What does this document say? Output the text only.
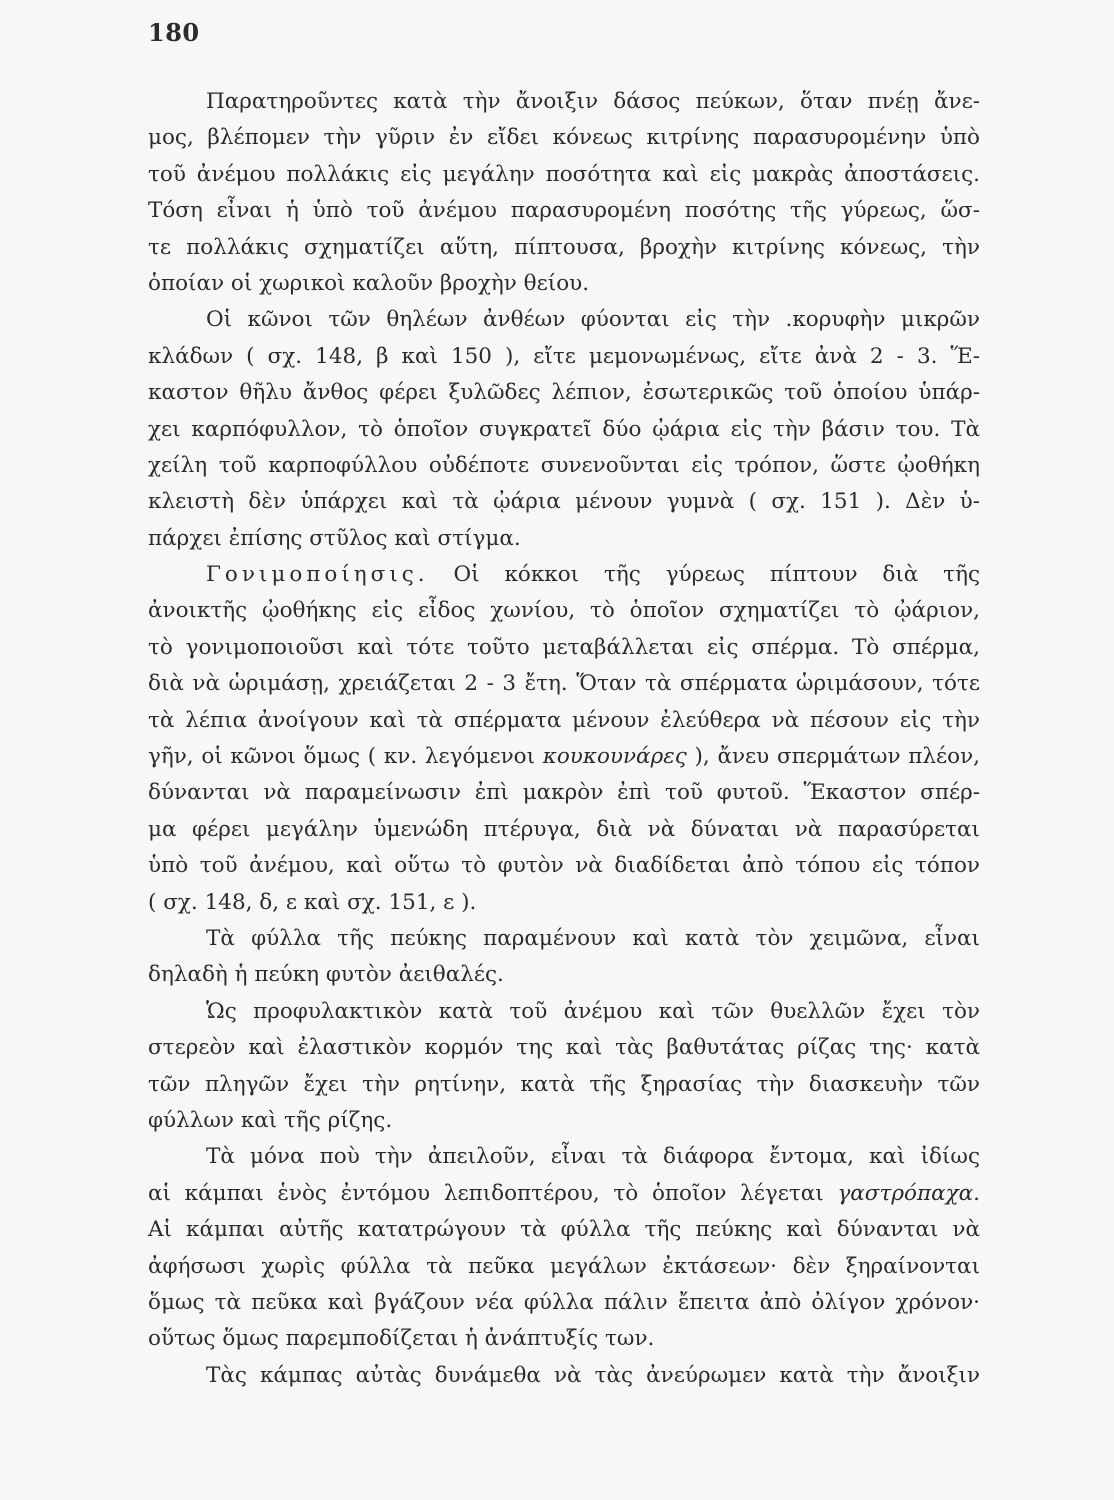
180
Παρατηροῦντες κατὰ τὴν ἄνοιξιν δάσος πεύκων, ὅταν πνέῃ ἄνε-
μος, βλέπομεν τὴν γῦριν ἐν εἴδει κόνεως κιτρίνης παρασυρομένην ὑπὸ
τοῦ ἀνέμου πολλάκις εἰς μεγάλην ποσότητα καὶ εἰς μακρὰς ἀποστάσεις.
Τόση εἶναι ἡ ὑπὸ τοῦ ἀνέμου παρασυρομένη ποσότης τῆς γύρεως, ὥσ-
τε πολλάκις σχηματίζει αὕτη, πίπτουσα, βροχὴν κιτρίνης κόνεως, τὴν
ὁποίαν οἱ χωρικοὶ καλοῦν βροχὴν θείου.
Οἱ κῶνοι τῶν θηλέων ἀνθέων φύονται εἰς τὴν .κορυφὴν μικρῶν
κλάδων ( σχ. 148, β καὶ 150 ), εἴτε μεμονωμένως, εἴτε ἀνὰ 2 - 3. Ἕ-
καστον θῆλυ ἄνθος φέρει ξυλῶδες λέπιον, ἐσωτερικῶς τοῦ ὁποίου ὑπάρ-
χει καρπόφυλλον, τὸ ὁποῖον συγκρατεῖ δύο ᾠάρια εἰς τὴν βάσιν του. Τὰ
χείλη τοῦ καρποφύλλου οὐδέποτε συνενοῦνται εἰς τρόπον, ὥστε ᾠοθήκη
κλειστὴ δὲν ὑπάρχει καὶ τὰ ᾠάρια μένουν γυμνὰ ( σχ. 151 ). Δὲν ὑ-
πάρχει ἐπίσης στῦλος καὶ στίγμα.
Γονιμοποίησις. Οἱ κόκκοι τῆς γύρεως πίπτουν διὰ τῆς
ἀνοικτῆς ᾠοθήκης εἰς εἶδος χωνίου, τὸ ὁποῖον σχηματίζει τὸ ᾠάριον,
τὸ γονιμοποιοῦσι καὶ τότε τοῦτο μεταβάλλεται εἰς σπέρμα. Τὸ σπέρμα,
διὰ νὰ ὡριμάσῃ, χρειάζεται 2 - 3 ἔτη. Ὅταν τὰ σπέρματα ὡριμάσουν, τότε
τὰ λέπια ἀνοίγουν καὶ τὰ σπέρματα μένουν ἐλεύθερα νὰ πέσουν εἰς τὴν
γῆν, οἱ κῶνοι ὅμως ( κν. λεγόμενοι κουκουνάρες ), ἄνευ σπερμάτων πλέον,
δύνανται νὰ παραμείνωσιν ἐπὶ μακρὸν ἐπὶ τοῦ φυτοῦ. Ἕκαστον σπέρ-
μα φέρει μεγάλην ὑμενώδη πτέρυγα, διὰ νὰ δύναται νὰ παρασύρεται
ὑπὸ τοῦ ἀνέμου, καὶ οὕτω τὸ φυτὸν νὰ διαδίδεται ἀπὸ τόπου εἰς τόπον
( σχ. 148, δ, ε καὶ σχ. 151, ε ).
Τὰ φύλλα τῆς πεύκης παραμένουν καὶ κατὰ τὸν χειμῶνα, εἶναι
δηλαδὴ ἡ πεύκη φυτὸν ἀειθαλές.
Ὡς προφυλακτικὸν κατὰ τοῦ ἀνέμου καὶ τῶν θυελλῶν ἔχει τὸν
στερεὸν καὶ ἐλαστικὸν κορμόν της καὶ τὰς βαθυτάτας ρίζας της· κατὰ
τῶν πληγῶν ἔχει τὴν ρητίνην, κατὰ τῆς ξηρασίας τὴν διασκευὴν τῶν
φύλλων καὶ τῆς ρίζης.
Τὰ μόνα ποὺ τὴν ἀπειλοῦν, εἶναι τὰ διάφορα ἔντομα, καὶ ἰδίως
αἱ κάμπαι ἑνὸς ἐντόμου λεπιδοπτέρου, τὸ ὁποῖον λέγεται γαστρόπαχα.
Αἱ κάμπαι αὐτῆς κατατρώγουν τὰ φύλλα τῆς πεύκης καὶ δύνανται νὰ
ἀφήσωσι χωρὶς φύλλα τὰ πεῦκα μεγάλων ἐκτάσεων· δὲν ξηραίνονται
ὅμως τὰ πεῦκα καὶ βγάζουν νέα φύλλα πάλιν ἔπειτα ἀπὸ ὀλίγον χρόνον·
οὕτως ὅμως παρεμποδίζεται ἡ ἀνάπτυξίς των.
Τὰς κάμπας αὐτὰς δυνάμεθα νὰ τὰς ἀνεύρωμεν κατὰ τὴν ἄνοιξιν
